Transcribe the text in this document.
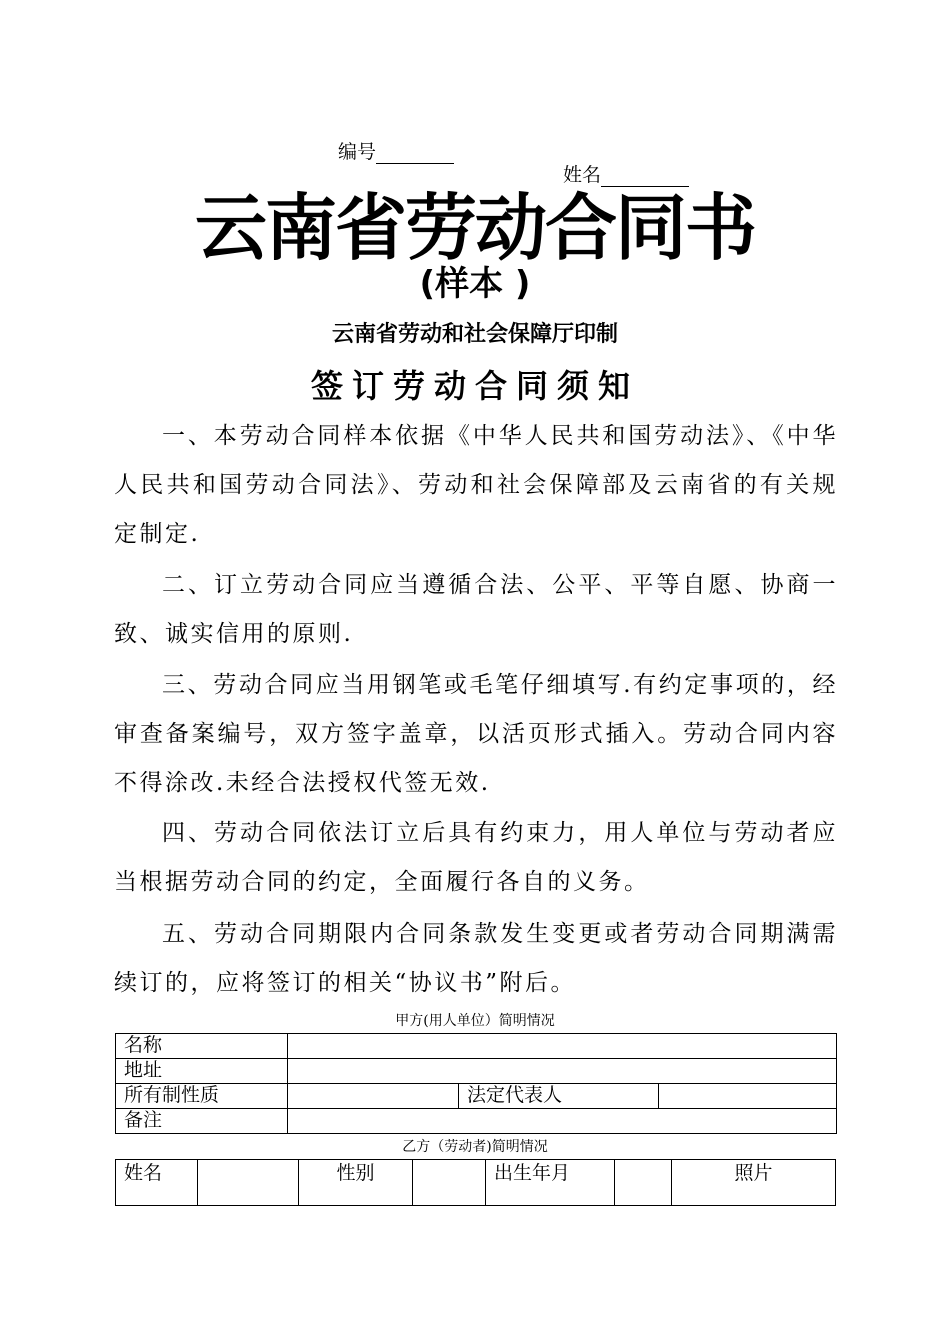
编号
姓名
云南省劳动合同书
(样本 )
云南省劳动和社会保障厅印制
签订劳动合同须知
一、本劳动合同样本依据《中华人民共和国劳动法》、《中华人民共和国劳动合同法》、劳动和社会保障部及云南省的有关规定制定.
二、订立劳动合同应当遵循合法、公平、平等自愿、协商一致、诚实信用的原则.
三、劳动合同应当用钢笔或毛笔仔细填写.有约定事项的，经审查备案编号，双方签字盖章，以活页形式插入。劳动合同内容不得涂改.未经合法授权代签无效.
四、劳动合同依法订立后具有约束力，用人单位与劳动者应当根据劳动合同的约定，全面履行各自的义务。
五、劳动合同期限内合同条款发生变更或者劳动合同期满需续订的，应将签订的相关“协议书”附后。
甲方(用人单位）简明情况
名称			
地址			
所有制性质		法定代表人	
备注			
乙方（劳动者)简明情况
姓名		性别		出生年月		照片
